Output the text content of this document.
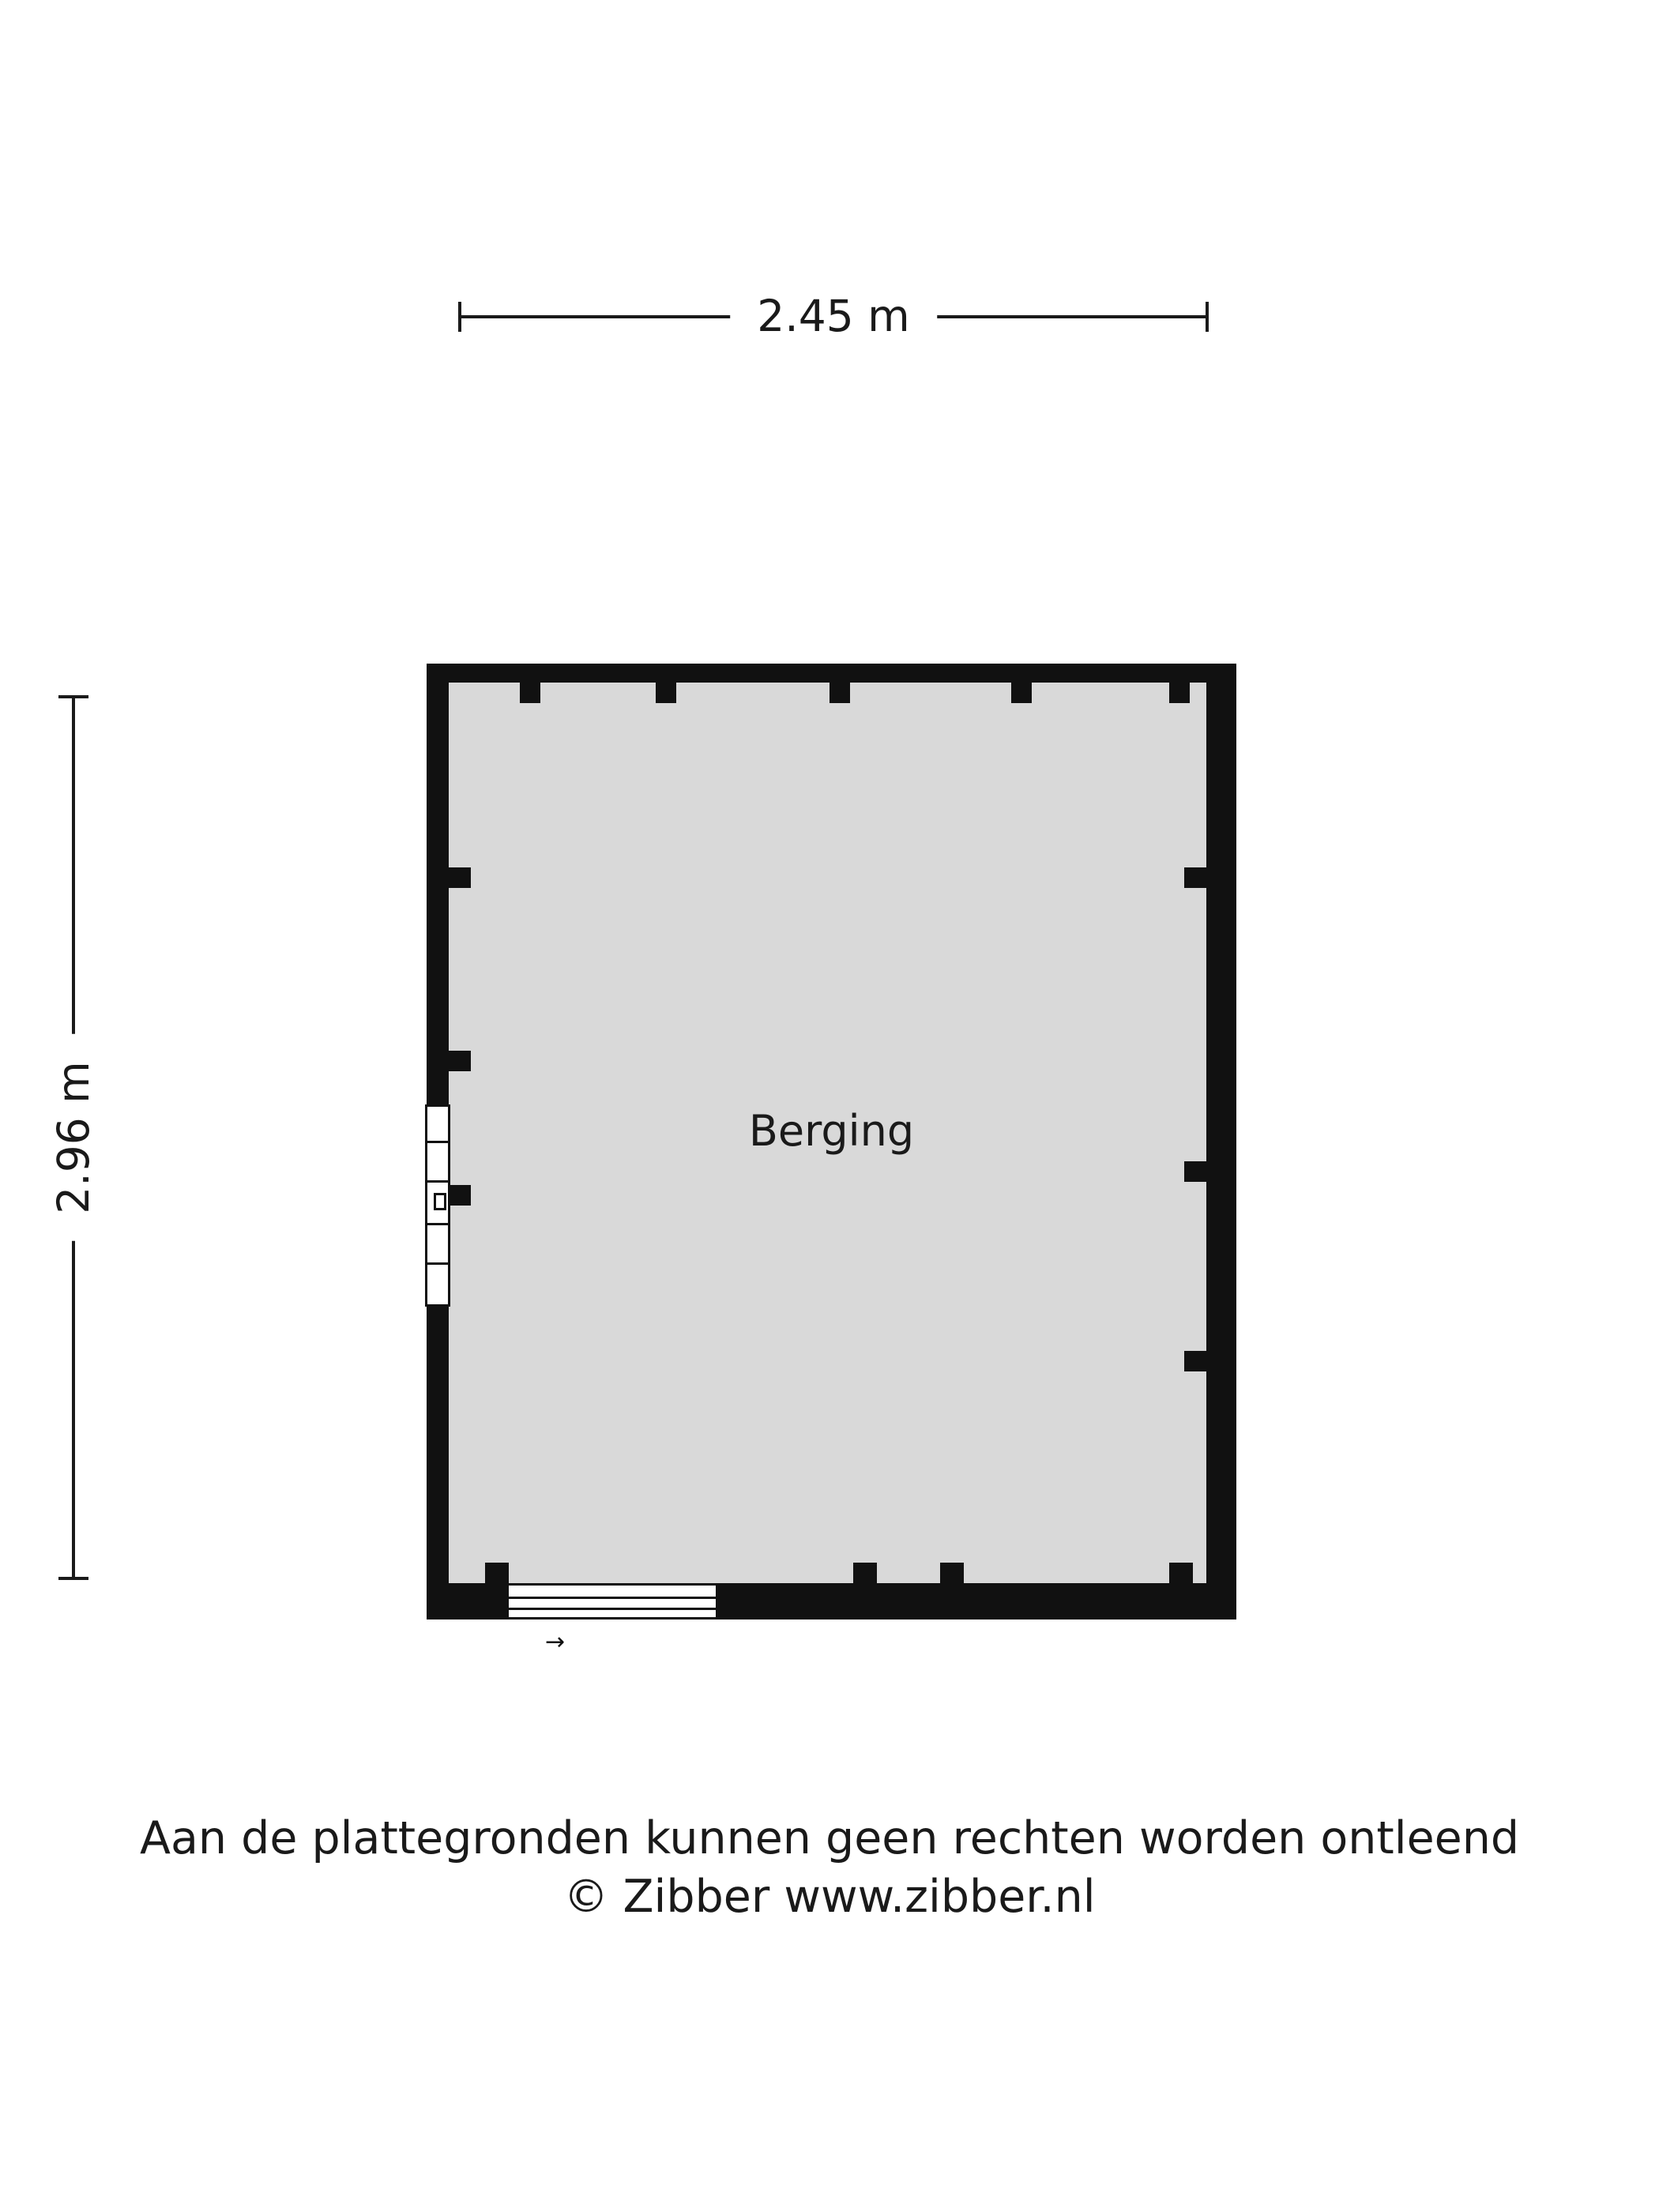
2.45 m
2.96 m
→
Berging
Aan de plattegronden kunnen geen rechten worden ontleend
© Zibber www.zibber.nl
